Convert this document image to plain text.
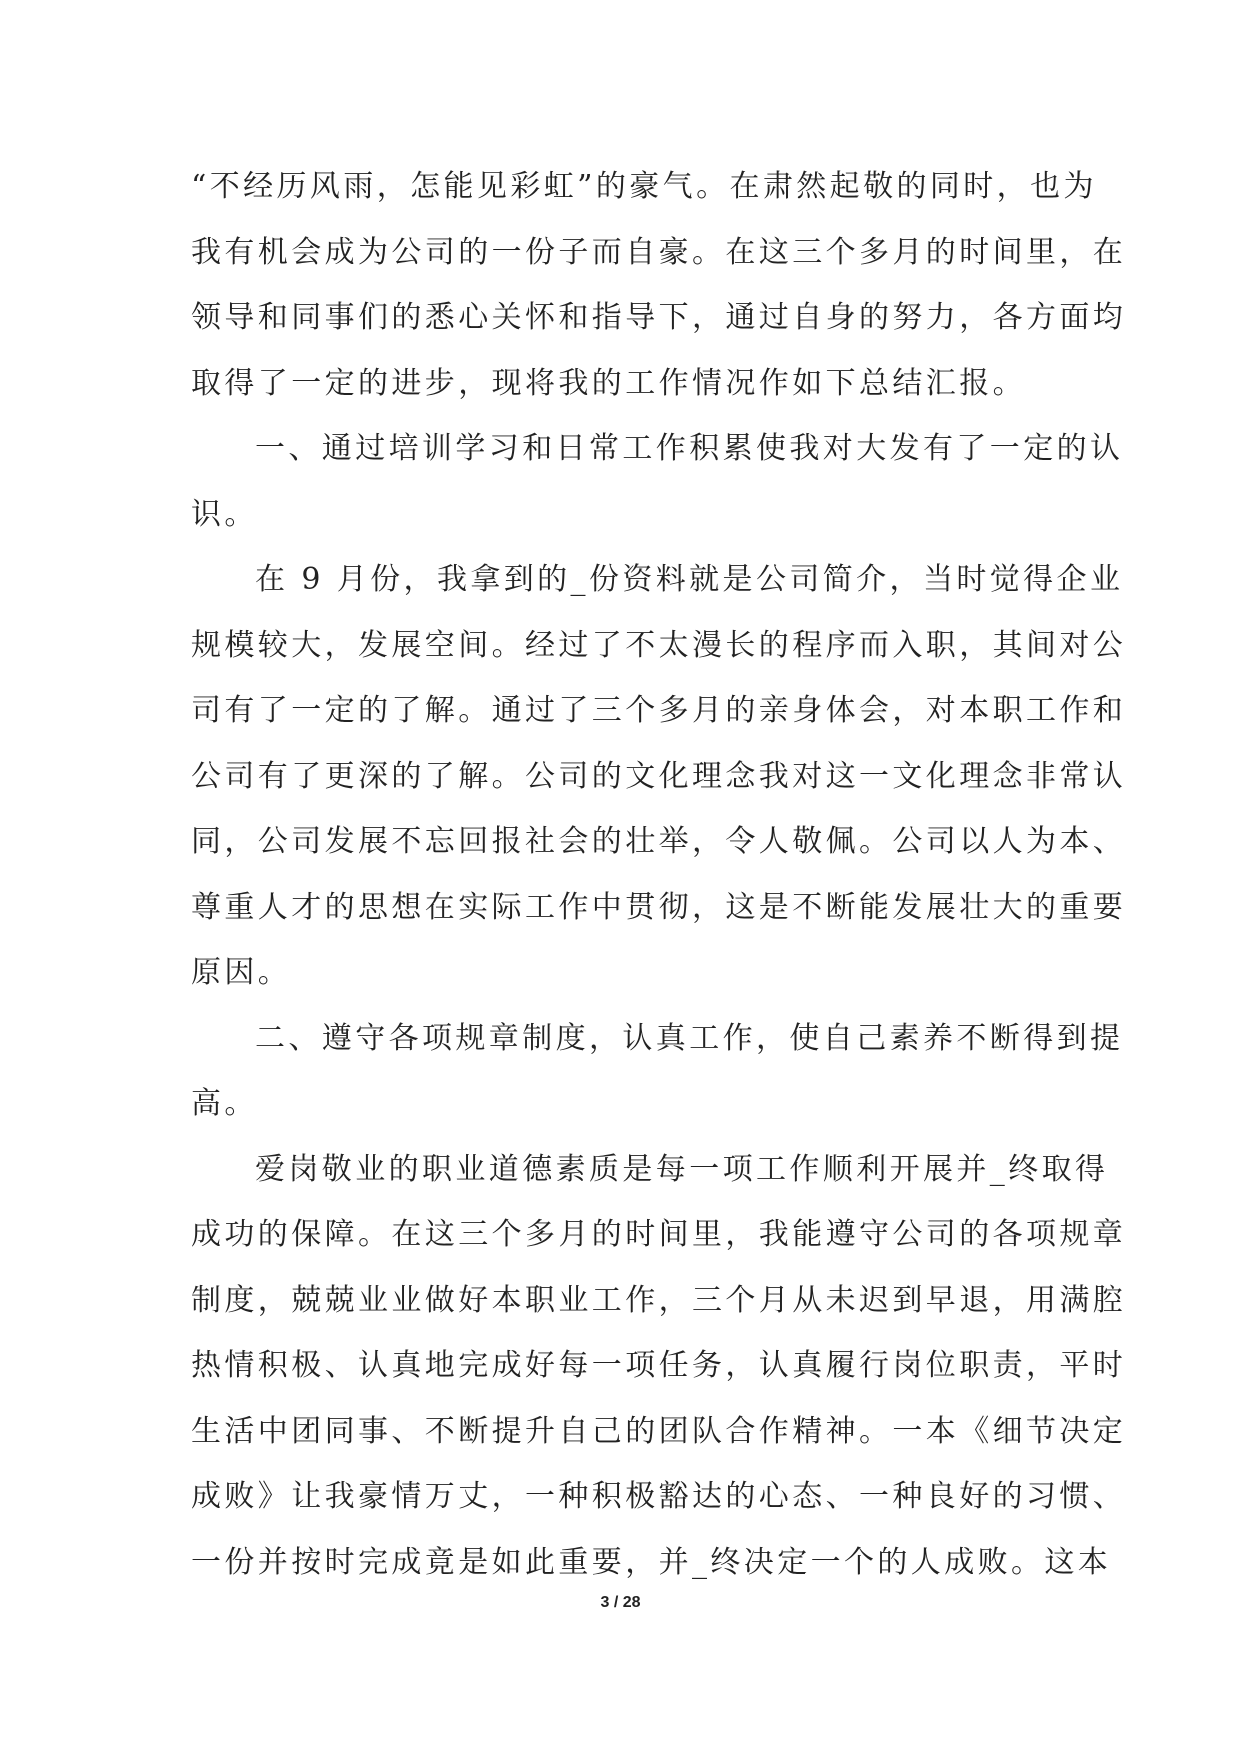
“不经历风雨，怎能见彩虹”的豪气。在肃然起敬的同时，也为
我有机会成为公司的一份子而自豪。在这三个多月的时间里，在
领导和同事们的悉心关怀和指导下，通过自身的努力，各方面均
取得了一定的进步，现将我的工作情况作如下总结汇报。
一、通过培训学习和日常工作积累使我对大发有了一定的认
识。
在 9 月份，我拿到的_份资料就是公司简介，当时觉得企业
规模较大，发展空间。经过了不太漫长的程序而入职，其间对公
司有了一定的了解。通过了三个多月的亲身体会，对本职工作和
公司有了更深的了解。公司的文化理念我对这一文化理念非常认
同，公司发展不忘回报社会的壮举，令人敬佩。公司以人为本、
尊重人才的思想在实际工作中贯彻，这是不断能发展壮大的重要
原因。
二、遵守各项规章制度，认真工作，使自己素养不断得到提
高。
爱岗敬业的职业道德素质是每一项工作顺利开展并_终取得
成功的保障。在这三个多月的时间里，我能遵守公司的各项规章
制度，兢兢业业做好本职业工作，三个月从未迟到早退，用满腔
热情积极、认真地完成好每一项任务，认真履行岗位职责，平时
生活中团同事、不断提升自己的团队合作精神。一本《细节决定
成败》让我豪情万丈，一种积极豁达的心态、一种良好的习惯、
一份并按时完成竟是如此重要，并_终决定一个的人成败。这本
3 / 28
